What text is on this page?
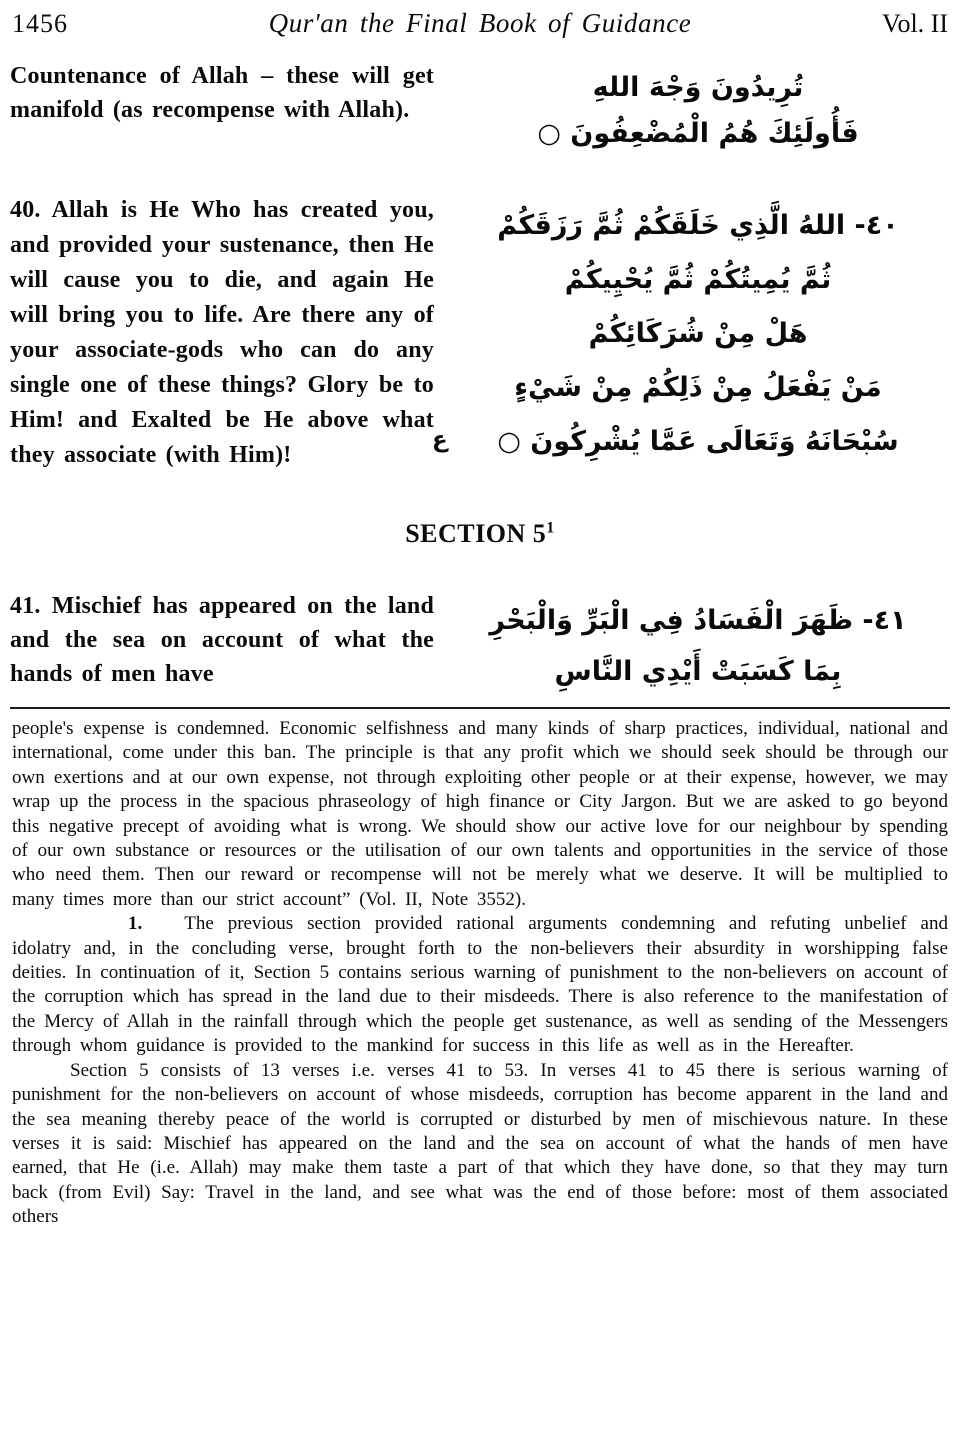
1456	Qur'an the Final Book of Guidance	Vol. II
Countenance of Allah – these will get manifold (as recompense with Allah).
تُرِيدُونَ وَجْهَ اللهِ
فَأُولَئِكَ هُمُ الْمُضْعِفُونَ ○
40. Allah is He Who has created you, and provided your sustenance, then He will cause you to die, and again He will bring you to life. Are there any of your associate-gods who can do any single one of these things? Glory be to Him! and Exalted be He above what they associate (with Him)!
٤٠- اللهُ الَّذِي خَلَقَكُمْ ثُمَّ رَزَقَكُمْ
ثُمَّ يُمِيتُكُمْ ثُمَّ يُحْيِيكُمْ
هَلْ مِنْ شُرَكَائِكُمْ
مَنْ يَفْعَلُ مِنْ ذَلِكُمْ مِنْ شَيْءٍ
سُبْحَانَهُ وَتَعَالَى عَمَّا يُشْرِكُونَ ○
ع
SECTION $5^1$
41. Mischief has appeared on the land and the sea on account of what the hands of men have
٤١- ظَهَرَ الْفَسَادُ فِي الْبَرِّ وَالْبَحْرِ
بِمَا كَسَبَتْ أَيْدِي النَّاسِ

people's expense is condemned. Economic selfishness and many kinds of sharp practices, individual, national and international, come under this ban. The principle is that any profit which we should seek should be through our own exertions and at our own expense, not through exploiting other people or at their expense, however, we may wrap up the process in the spacious phraseology of high finance or City Jargon. But we are asked to go beyond this negative precept of avoiding what is wrong. We should show our active love for our neighbour by spending of our own substance or resources or the utilisation of our own talents and opportunities in the service of those who need them. Then our reward or recompense will not be merely what we deserve. It will be multiplied to many times more than our strict account” (Vol. II, Note 3552).

1. The previous section provided rational arguments condemning and refuting unbelief and idolatry and, in the concluding verse, brought forth to the non-believers their absurdity in worshipping false deities. In continuation of it, Section 5 contains serious warning of punishment to the non-believers on account of the corruption which has spread in the land due to their misdeeds. There is also reference to the manifestation of the Mercy of Allah in the rainfall through which the people get sustenance, as well as sending of the Messengers through whom guidance is provided to the mankind for success in this life as well as in the Hereafter.

Section 5 consists of 13 verses i.e. verses 41 to 53. In verses 41 to 45 there is serious warning of punishment for the non-believers on account of whose misdeeds, corruption has become apparent in the land and the sea meaning thereby peace of the world is corrupted or disturbed by men of mischievous nature. In these verses it is said: Mischief has appeared on the land and the sea on account of what the hands of men have earned, that He (i.e. Allah) may make them taste a part of that which they have done, so that they may turn back (from Evil) Say: Travel in the land, and see what was the end of those before: most of them associated others
